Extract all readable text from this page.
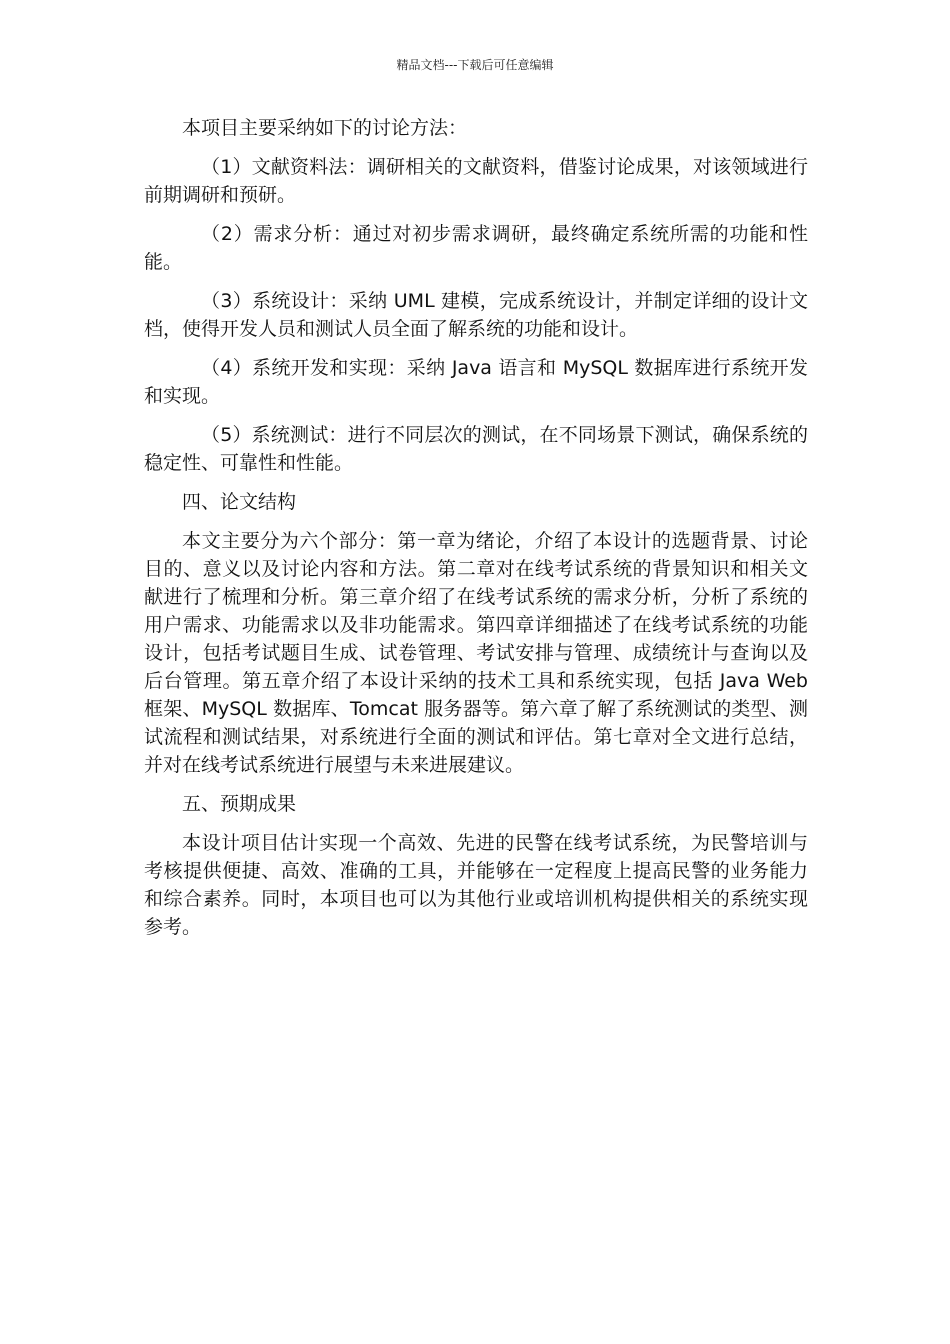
精品文档---下载后可任意编辑

本项目主要采纳如下的讨论方法：

（1）文献资料法：调研相关的文献资料，借鉴讨论成果，对该领域进行前期调研和预研。

（2）需求分析：通过对初步需求调研，最终确定系统所需的功能和性能。

（3）系统设计：采纳 UML 建模，完成系统设计，并制定详细的设计文档，使得开发人员和测试人员全面了解系统的功能和设计。

（4）系统开发和实现：采纳 Java 语言和 MySQL 数据库进行系统开发和实现。

（5）系统测试：进行不同层次的测试，在不同场景下测试，确保系统的稳定性、可靠性和性能。

四、论文结构

本文主要分为六个部分：第一章为绪论，介绍了本设计的选题背景、讨论目的、意义以及讨论内容和方法。第二章对在线考试系统的背景知识和相关文献进行了梳理和分析。第三章介绍了在线考试系统的需求分析，分析了系统的用户需求、功能需求以及非功能需求。第四章详细描述了在线考试系统的功能设计，包括考试题目生成、试卷管理、考试安排与管理、成绩统计与查询以及后台管理。第五章介绍了本设计采纳的技术工具和系统实现，包括 Java Web 框架、MySQL 数据库、Tomcat 服务器等。第六章了解了系统测试的类型、测试流程和测试结果，对系统进行全面的测试和评估。第七章对全文进行总结，并对在线考试系统进行展望与未来进展建议。

五、预期成果

本设计项目估计实现一个高效、先进的民警在线考试系统，为民警培训与考核提供便捷、高效、准确的工具，并能够在一定程度上提高民警的业务能力和综合素养。同时，本项目也可以为其他行业或培训机构提供相关的系统实现参考。
